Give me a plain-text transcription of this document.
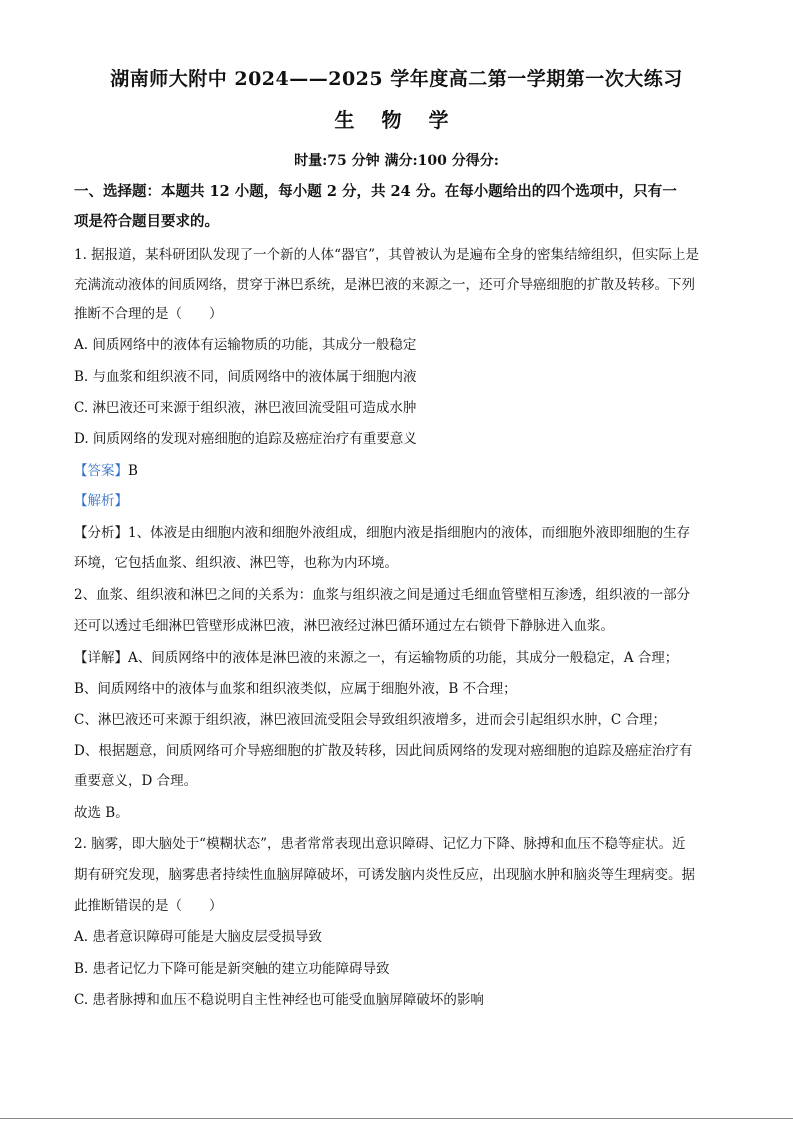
湖南师大附中 2024——2025 学年度高二第一学期第一次大练习
生 物 学
时量:75 分钟 满分:100 分得分:
一、选择题：本题共 12 小题，每小题 2 分，共 24 分。在每小题给出的四个选项中，只有一
项是符合题目要求的。
1. 据报道，某科研团队发现了一个新的人体“器官”，其曾被认为是遍布全身的密集结缔组织，但实际上是
充满流动液体的间质网络，贯穿于淋巴系统，是淋巴液的来源之一，还可介导癌细胞的扩散及转移。下列
推断不合理的是（　　）
A. 间质网络中的液体有运输物质的功能，其成分一般稳定
B. 与血浆和组织液不同，间质网络中的液体属于细胞内液
C. 淋巴液还可来源于组织液，淋巴液回流受阻可造成水肿
D. 间质网络的发现对癌细胞的追踪及癌症治疗有重要意义
【答案】B
【解析】
【分析】1、体液是由细胞内液和细胞外液组成，细胞内液是指细胞内的液体，而细胞外液即细胞的生存
环境，它包括血浆、组织液、淋巴等，也称为内环境。
2、血浆、组织液和淋巴之间的关系为：血浆与组织液之间是通过毛细血管壁相互渗透，组织液的一部分
还可以透过毛细淋巴管壁形成淋巴液，淋巴液经过淋巴循环通过左右锁骨下静脉进入血浆。
【详解】A、间质网络中的液体是淋巴液的来源之一，有运输物质的功能，其成分一般稳定，A 合理；
B、间质网络中的液体与血浆和组织液类似，应属于细胞外液，B 不合理；
C、淋巴液还可来源于组织液，淋巴液回流受阻会导致组织液增多，进而会引起组织水肿，C 合理；
D、根据题意，间质网络可介导癌细胞的扩散及转移，因此间质网络的发现对癌细胞的追踪及癌症治疗有
重要意义，D 合理。
故选 B。
2. 脑雾，即大脑处于“模糊状态”，患者常常表现出意识障碍、记忆力下降、脉搏和血压不稳等症状。近
期有研究发现，脑雾患者持续性血脑屏障破坏，可诱发脑内炎性反应，出现脑水肿和脑炎等生理病变。据
此推断错误的是（　　）
A. 患者意识障碍可能是大脑皮层受损导致
B. 患者记忆力下降可能是新突触的建立功能障碍导致
C. 患者脉搏和血压不稳说明自主性神经也可能受血脑屏障破坏的影响
